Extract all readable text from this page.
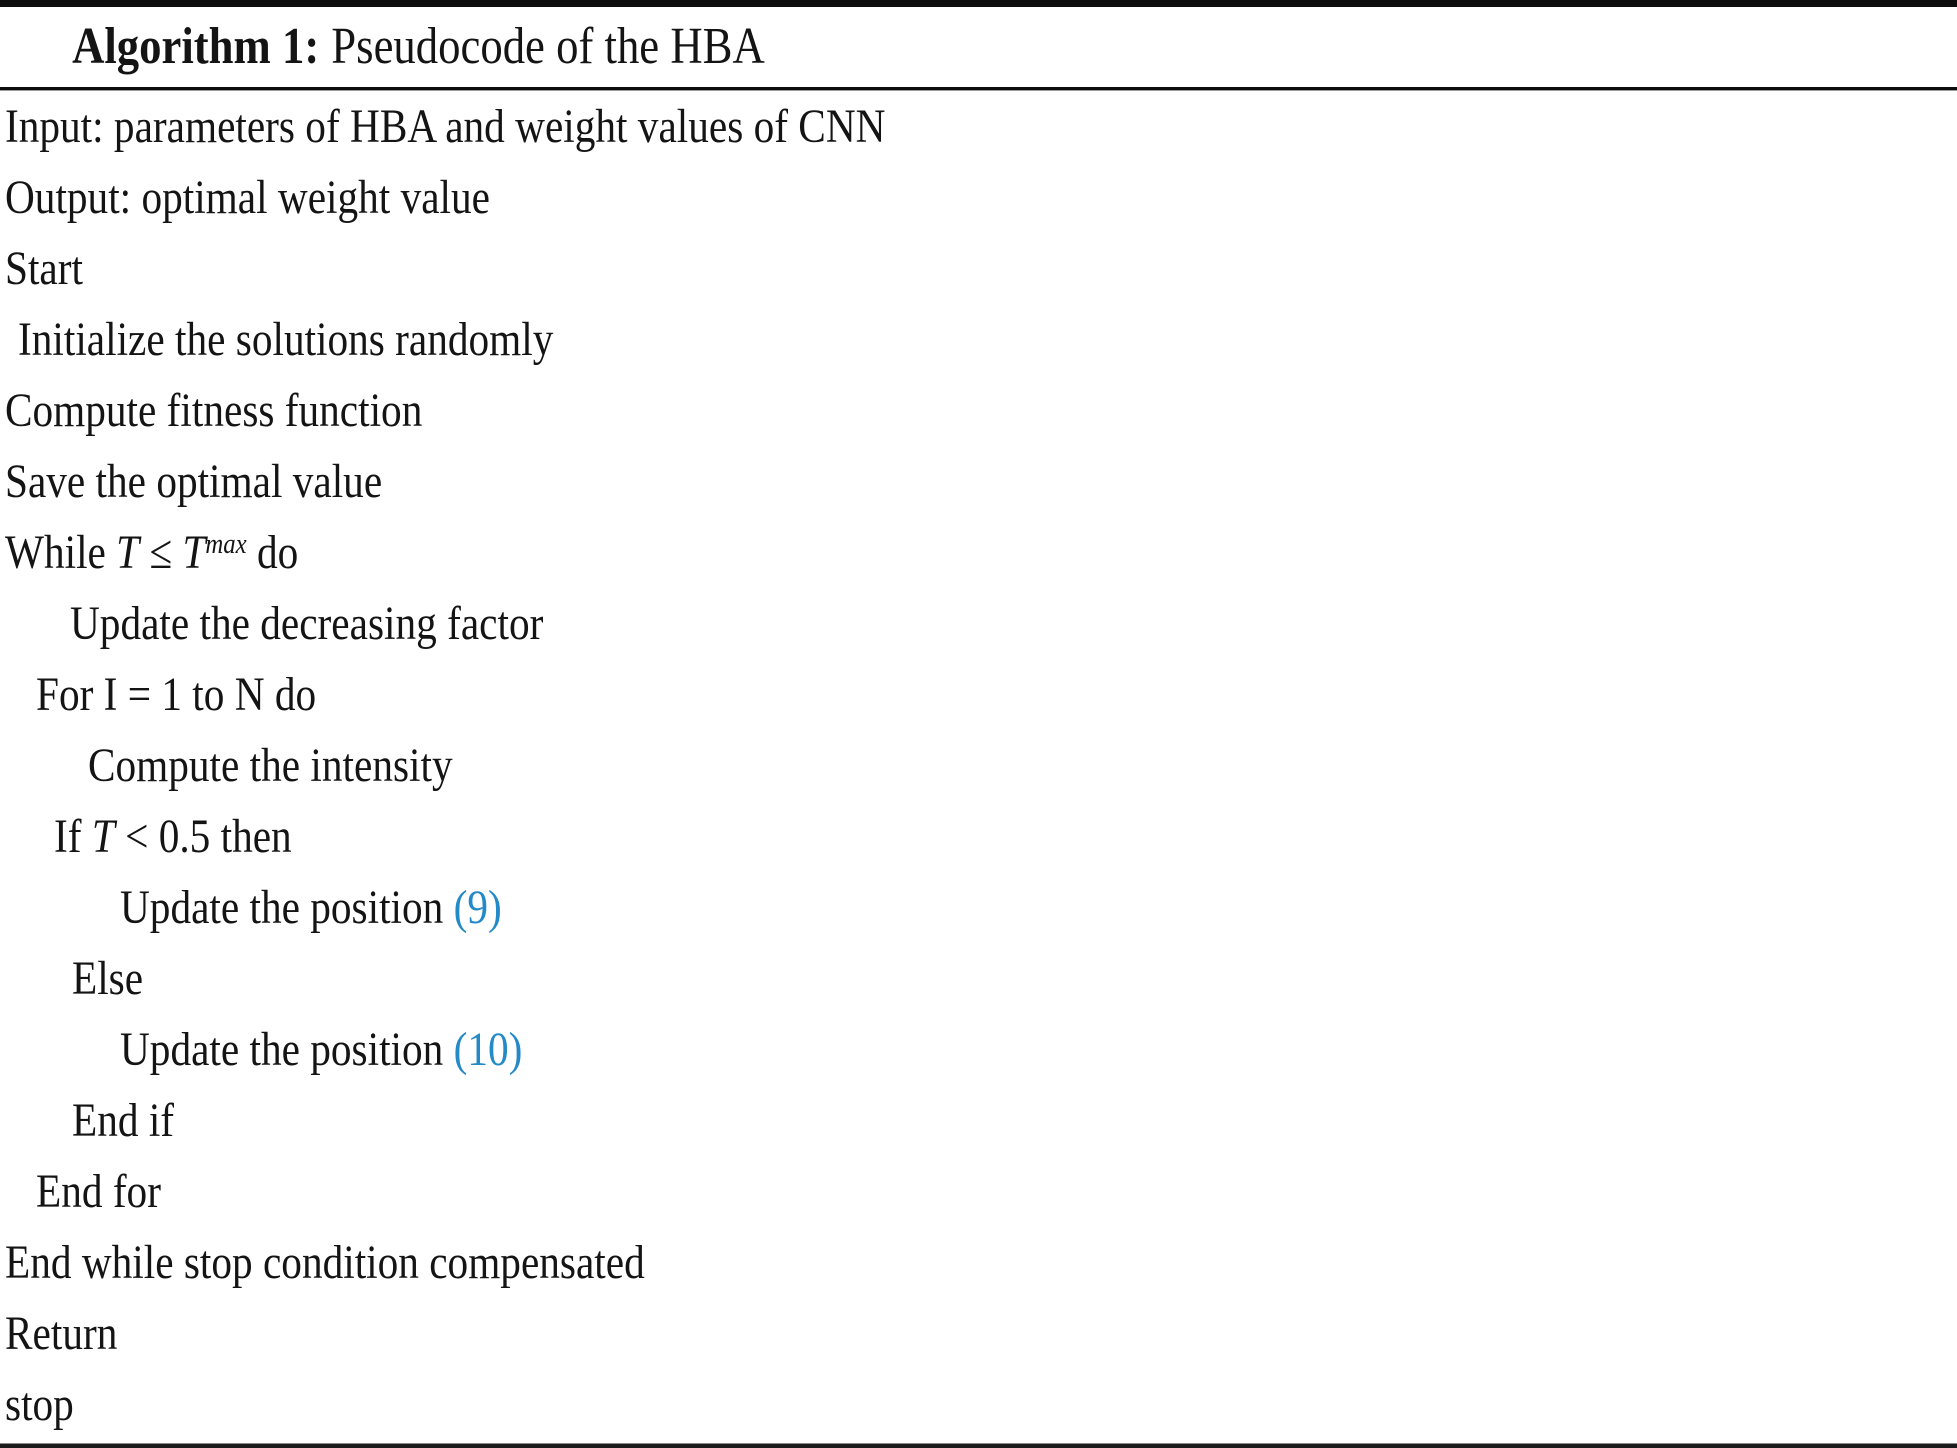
Algorithm 1: Pseudocode of the HBA

Input: parameters of HBA and weight values of CNN
Output: optimal weight value
Start
Initialize the solutions randomly
Compute fitness function
Save the optimal value
While $T \le T^{max}$ do
Update the decreasing factor
For I = 1 to N do
Compute the intensity
If T < 0.5 then
Update the position (9)
Else
Update the position (10)
End if
End for
End while stop condition compensated
Return
stop
